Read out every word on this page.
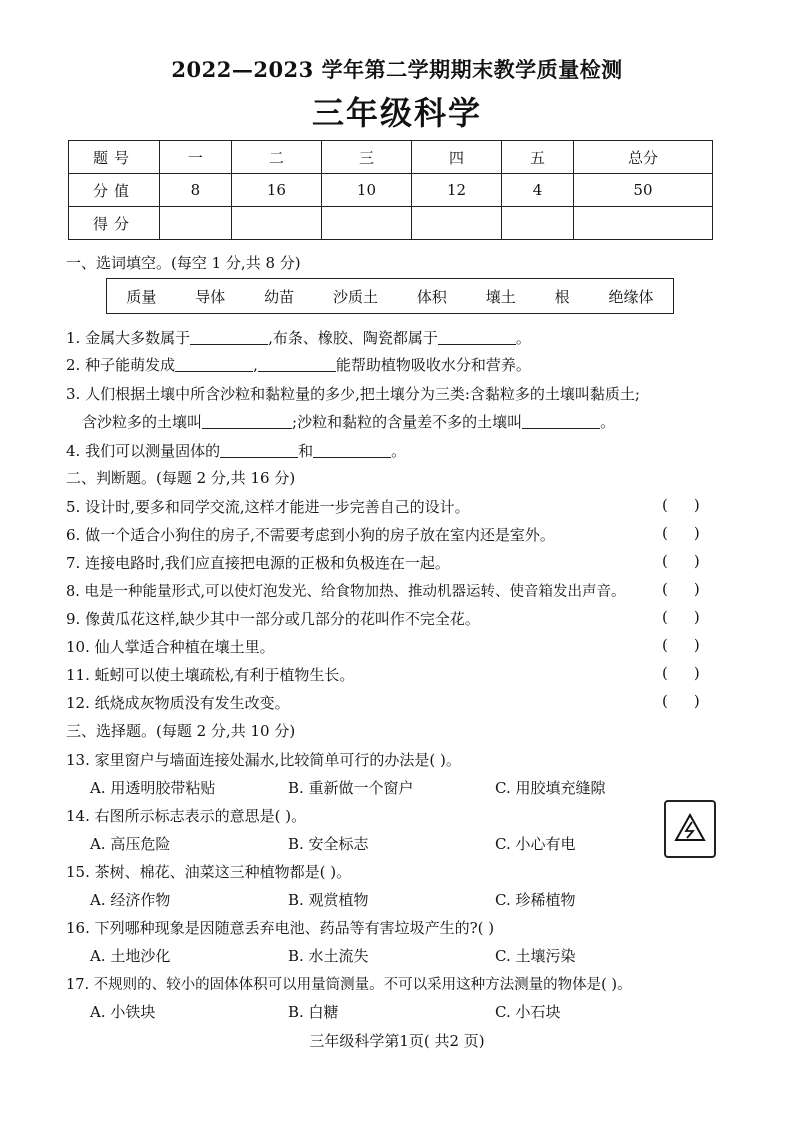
2022—2023 学年第二学期期末教学质量检测
三年级科学
题号	一	二	三	四	五	总分
分值	8	16	10	12	4	50
得分						
一、选词填空。(每空 1 分,共 8 分)
质量	导体	幼苗	沙质土	体积	壤土	根	绝缘体
1. 金属大多数属于	,布条、橡胶、陶瓷都属于	。
2. 种子能萌发成	,	能帮助植物吸收水分和营养。
3. 人们根据土壤中所含沙粒和黏粒量的多少,把土壤分为三类:含黏粒多的土壤叫黏质土;
含沙粒多的土壤叫	;沙粒和黏粒的含量差不多的土壤叫	。
4. 我们可以测量固体的	和	。
二、判断题。(每题 2 分,共 16 分)
5. 设计时,要多和同学交流,这样才能进一步完善自己的设计。	()
6. 做一个适合小狗住的房子,不需要考虑到小狗的房子放在室内还是室外。	()
7. 连接电路时,我们应直接把电源的正极和负极连在一起。	()
8. 电是一种能量形式,可以使灯泡发光、给食物加热、推动机器运转、使音箱发出声音。 ()
9. 像黄瓜花这样,缺少其中一部分或几部分的花叫作不完全花。	()
10. 仙人掌适合种植在壤土里。	()
11. 蚯蚓可以使土壤疏松,有利于植物生长。	()
12. 纸烧成灰物质没有发生改变。	()
三、选择题。(每题 2 分,共 10 分)
13. 家里窗户与墙面连接处漏水,比较简单可行的办法是( )。
A. 用透明胶带粘贴	B. 重新做一个窗户	C. 用胶填充缝隙
14. 右图所示标志表示的意思是( )。
A. 高压危险	B. 安全标志	C. 小心有电
15. 茶树、棉花、油菜这三种植物都是( )。
A. 经济作物	B. 观赏植物	C. 珍稀植物
16. 下列哪种现象是因随意丢弃电池、药品等有害垃圾产生的?( )
A. 土地沙化	B. 水土流失	C. 土壤污染
17. 不规则的、较小的固体体积可以用量筒测量。不可以采用这种方法测量的物体是( )。
A. 小铁块	B. 白糖	C. 小石块
三年级科学第1页( 共2 页)
